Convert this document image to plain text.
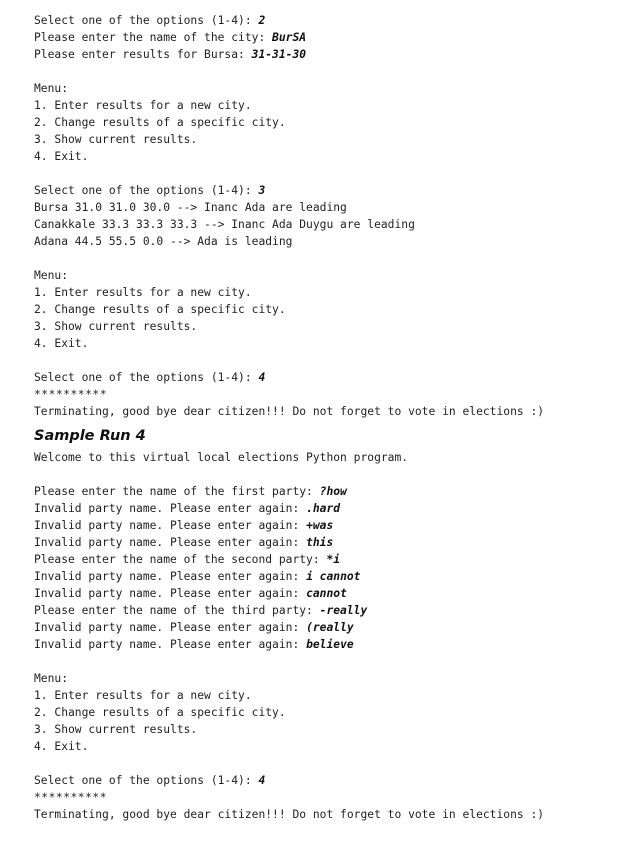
Select one of the options (1-4): 2
Please enter the name of the city: BurSA
Please enter results for Bursa: 31-31-30
Menu:
1. Enter results for a new city.
2. Change results of a specific city.
3. Show current results.
4. Exit.
Select one of the options (1-4): 3
Bursa 31.0 31.0 30.0 --> Inanc Ada are leading
Canakkale 33.3 33.3 33.3 --> Inanc Ada Duygu are leading
Adana 44.5 55.5 0.0 --> Ada is leading
Menu:
1. Enter results for a new city.
2. Change results of a specific city.
3. Show current results.
4. Exit.
Select one of the options (1-4): 4
**********
Terminating, good bye dear citizen!!! Do not forget to vote in elections :)
Sample Run 4
Welcome to this virtual local elections Python program.
Please enter the name of the first party: ?how
Invalid party name. Please enter again: .hard
Invalid party name. Please enter again: +was
Invalid party name. Please enter again: this
Please enter the name of the second party: *i
Invalid party name. Please enter again: i cannot
Invalid party name. Please enter again: cannot
Please enter the name of the third party: -really
Invalid party name. Please enter again: (really
Invalid party name. Please enter again: believe
Menu:
1. Enter results for a new city.
2. Change results of a specific city.
3. Show current results.
4. Exit.
Select one of the options (1-4): 4
**********
Terminating, good bye dear citizen!!! Do not forget to vote in elections :)
